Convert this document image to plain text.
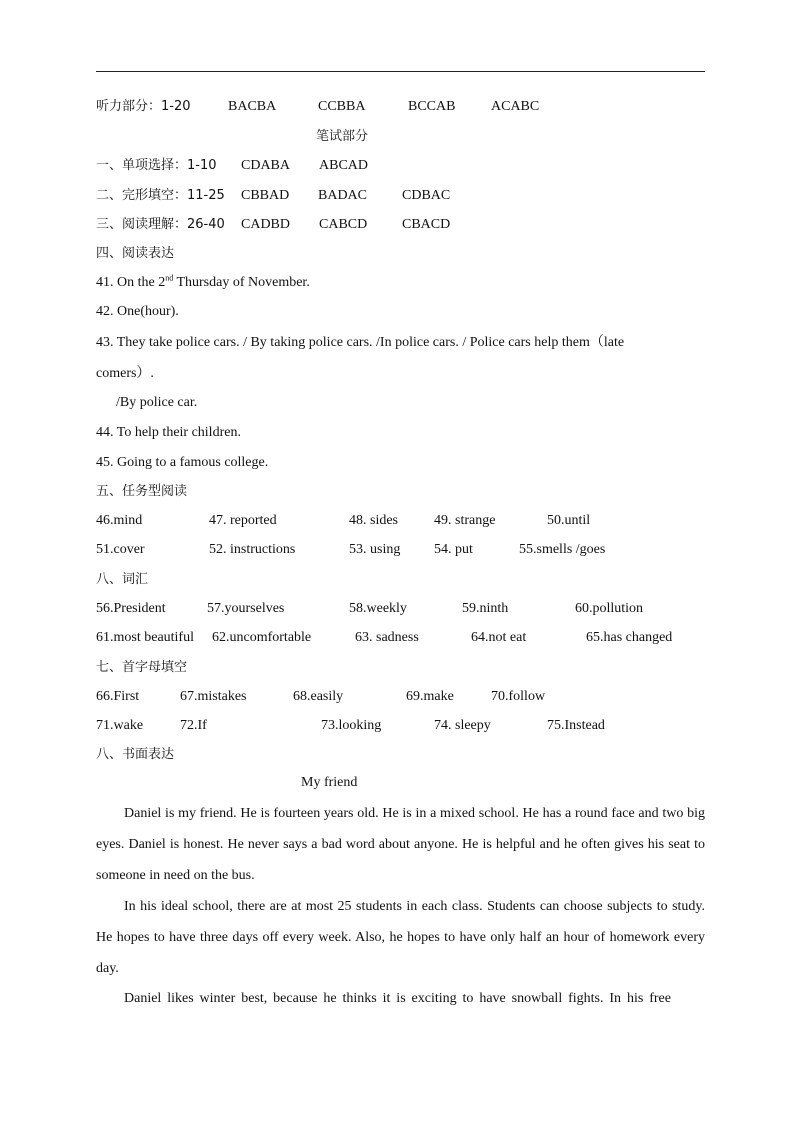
听力部分：1-20	BACBA	CCBBA	BCCAB	ACABC
笔试部分
一、单项选择：1-10 CDABA ABCAD
二、完形填空：11-25 CBBAD BADAC CDBAC
三、阅读理解：26-40 CADBD CABCD CBACD
四、阅读表达
41. On the 2nd Thursday of November.
42. One(hour).
43. They take police cars. / By taking police cars. /In police cars. / Police cars help them（late
comers）.
/By police car.
44. To help their children.
45. Going to a famous college.
五、任务型阅读
46.mind	47. reported	48. sides	49. strange	50.until
51.cover	52. instructions	53. using 54. put	55.smells /goes
八、词汇
56.President	57.yourselves	58.weekly	59.ninth	60.pollution
61.most beautiful 62.uncomfortable	63. sadness	64.not eat	65.has changed
七、首字母填空
66.First	67.mistakes	68.easily	69.make	70.follow
71.wake	72.If	73.looking	74. sleepy	75.Instead
八、书面表达
My friend

Daniel is my friend. He is fourteen years old. He is in a mixed school. He has a round face and two big eyes. Daniel is honest. He never says a bad word about anyone. He is helpful and he often gives his seat to someone in need on the bus.

In his ideal school, there are at most 25 students in each class. Students can choose subjects to study. He hopes to have three days off every week. Also, he hopes to have only half an hour of homework every day.

Daniel likes winter best, because he thinks it is exciting to have snowball fights. In his free
